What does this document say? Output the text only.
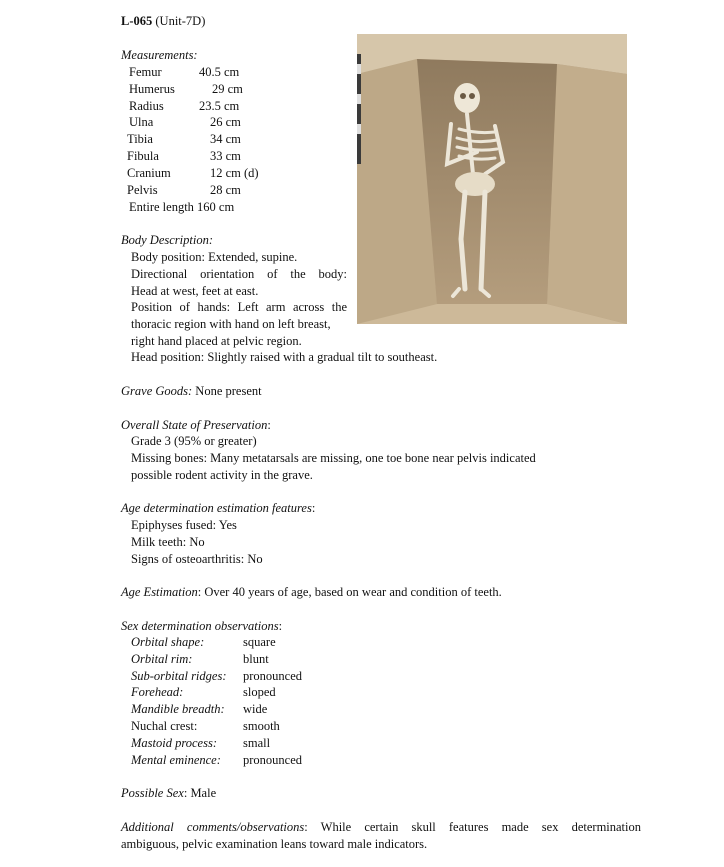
L-065 (Unit-7D)
Measurements:
Femur	40.5 cm
Humerus	29 cm
Radius	23.5 cm
Ulna	26 cm
Tibia	34 cm
Fibula	33 cm
Cranium	12 cm (d)
Pelvis	28 cm
Entire length 160 cm
Body Description:
Body position: Extended, supine.
Directional orientation of the body:
Head at west, feet at east.
Position of hands: Left arm across the
thoracic region with hand on left breast,
right hand placed at pelvic region.
Head position: Slightly raised with a gradual tilt to southeast.
Grave Goods: None present
Overall State of Preservation:
Grade 3 (95% or greater)
Missing bones: Many metatarsals are missing, one toe bone near pelvis indicated
possible rodent activity in the grave.
Age determination estimation features:
Epiphyses fused: Yes
Milk teeth: No
Signs of osteoarthritis: No
Age Estimation: Over 40 years of age, based on wear and condition of teeth.
Sex determination observations:
Orbital shape:	square
Orbital rim:	blunt
Sub-orbital ridges: pronounced
Forehead:	sloped
Mandible breadth: wide
Nuchal crest:	smooth
Mastoid process: small
Mental eminence: pronounced
Possible Sex: Male
Additional comments/observations: While certain skull features made sex determination
ambiguous, pelvic examination leans toward male indicators.
